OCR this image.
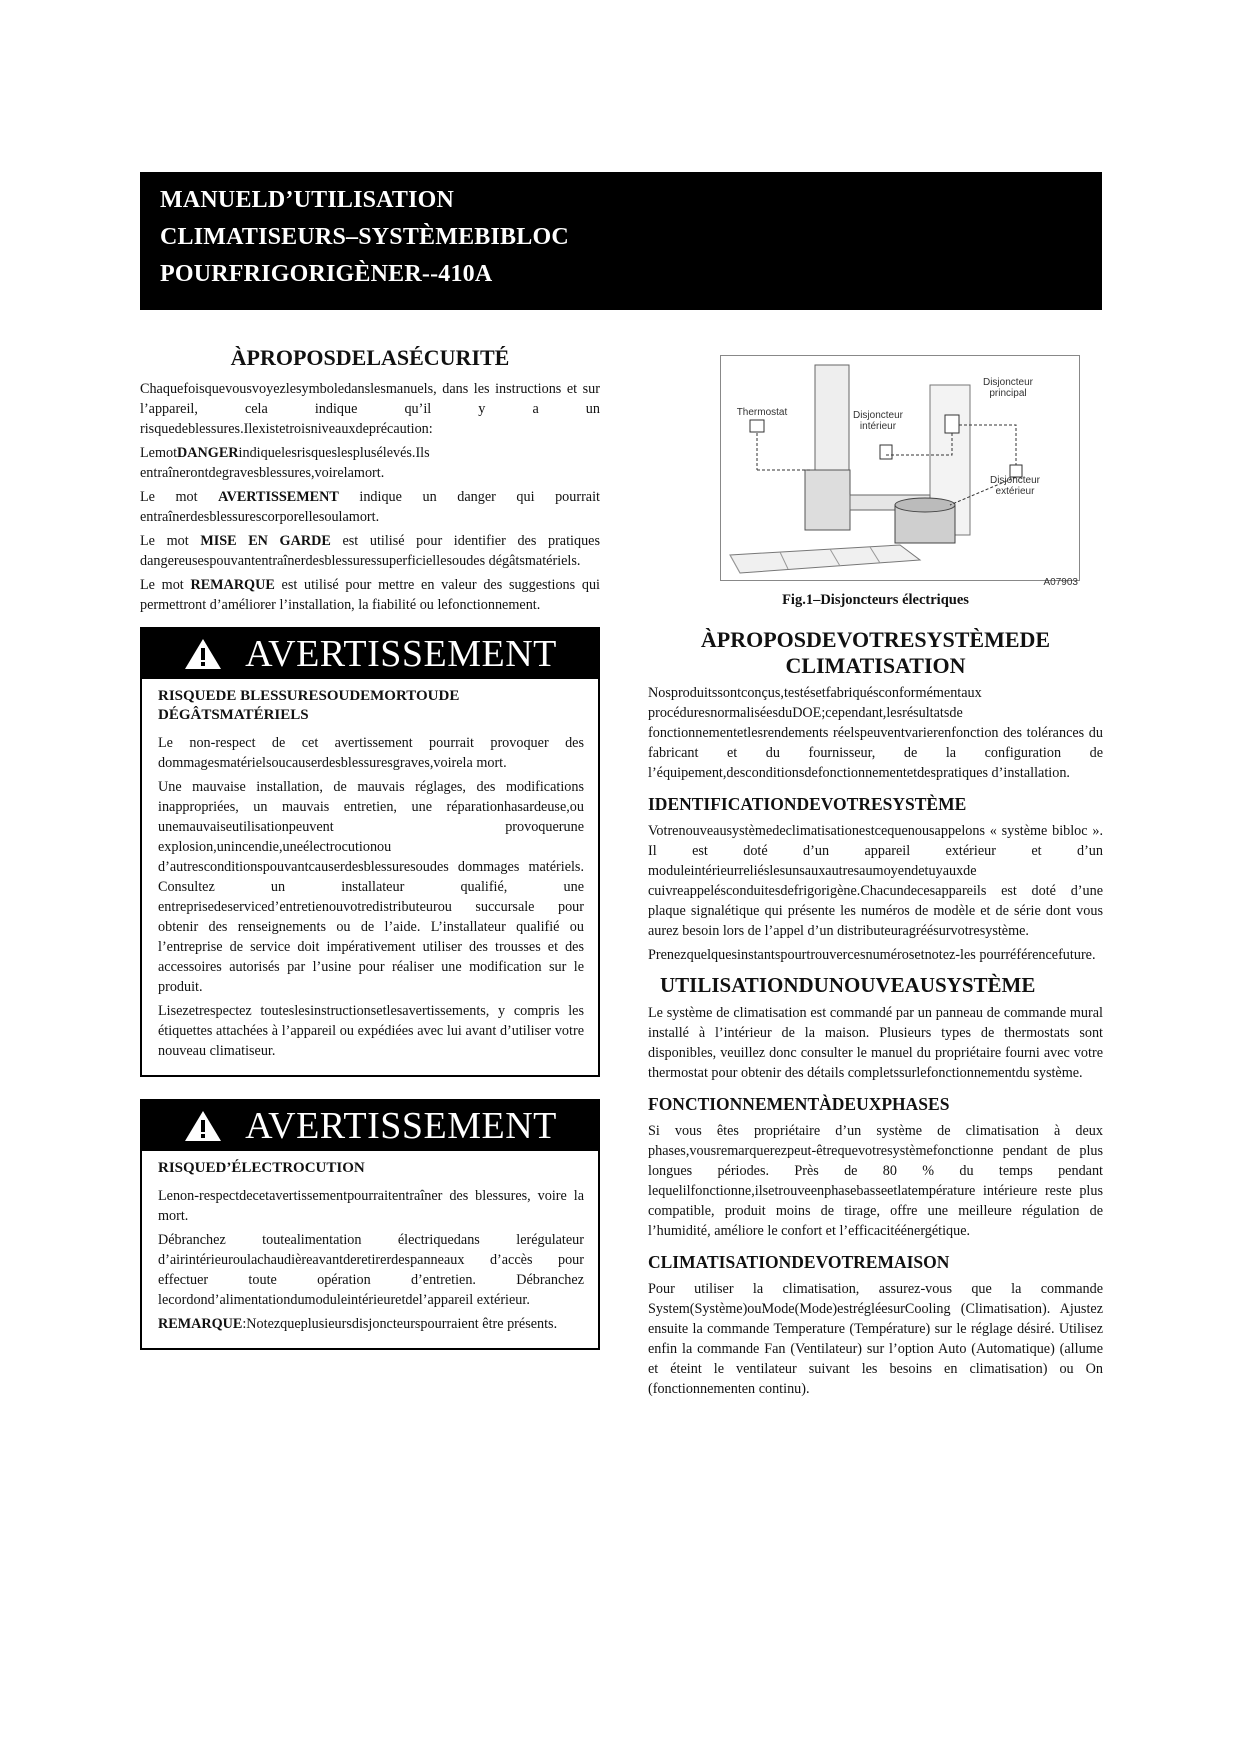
MANUELD’UTILISATION
CLIMATISEURS–SYSTÈMEBIBLOC
POURFRIGORIGÈNER--410A
ÀPROPOSDELASÉCURITÉ

Chaquefoisquevousvoyezlesymboledanslesmanuels, dans les instructions et sur l’appareil, cela indique qu’il y a un risquedeblessures.Ilexistetroisniveauxdeprécaution:

LemotDANGERindiquelesrisqueslesplusélevés.Ils entraînerontdegravesblessures,voirelamort.

Le mot AVERTISSEMENT indique un danger qui pourrait entraînerdesblessurescorporellesoulamort.

Le mot MISE EN GARDE est utilisé pour identifier des pratiques dangereusespouvantentraînerdesblessuressuperficiellesoudes dégâtsmatériels.

Le mot REMARQUE est utilisé pour mettre en valeur des suggestions qui permettront d’améliorer l’installation, la fiabilité ou lefonctionnement.

AVERTISSEMENT
RISQUEDE BLESSURESOUDEMORTOUDE DÉGÂTSMATÉRIELS

Le non-respect de cet avertissement pourrait provoquer des dommagesmatérielsoucauserdesblessuresgraves,voirela mort.

Une mauvaise installation, de mauvais réglages, des modifications inappropriées, un mauvais entretien, une réparationhasardeuse,ou unemauvaiseutilisationpeuvent provoquerune explosion,unincendie,uneélectrocutionou d’autresconditionspouvantcauserdesblessuresoudes dommages matériels. Consultez un installateur qualifié, une entreprisedeserviced’entretienouvotredistributeurou succursale pour obtenir des renseignements ou de l’aide. L’installateur qualifié ou l’entreprise de service doit impérativement utiliser des trousses et des accessoires autorisés par l’usine pour réaliser une modification sur le produit.

Lisezetrespectez touteslesinstructionsetlesavertissements, y compris les étiquettes attachées à l’appareil ou expédiées avec lui avant d’utiliser votre nouveau climatiseur.

AVERTISSEMENT
RISQUED’ÉLECTROCUTION

Lenon-respectdecetavertissementpourraitentraîner des blessures, voire la mort.

Débranchez toutealimentation électriquedans lerégulateur d’airintérieuroulachaudièreavantderetirerdespanneaux d’accès pour effectuer toute opération d’entretien. Débranchez lecordond’alimentationdumoduleintérieuretdel’appareil extérieur.

REMARQUE:Notezqueplusieursdisjoncteurspourraient être présents.

Thermostat
Disjoncteur principal
Disjoncteur intérieur
Disjoncteur extérieur
A07903
Fig.1–Disjoncteurs électriques
ÀPROPOSDEVOTRESYSTÈMEDE CLIMATISATION

Nosproduitssontconçus,testésetfabriquésconformémentaux procéduresnormaliséesduDOE;cependant,lesrésultatsde fonctionnementetlesrendements réelspeuventvarierenfonction des tolérances du fabricant et du fournisseur, de la configuration de l’équipement,desconditionsdefonctionnementetdespratiques d’installation.

IDENTIFICATIONDEVOTRESYSTÈME

Votrenouveausystèmedeclimatisationestcequenousappelons « système bibloc ». Il est doté d’un appareil extérieur et d’un moduleintérieurreliéslesunsauxautresaumoyendetuyauxde cuivreappelésconduitesdefrigorigène.Chacundecesappareils est doté d’une plaque signalétique qui présente les numéros de modèle et de série dont vous aurez besoin lors de l’appel d’un distributeuragréésurvotresystème.

Prenezquelquesinstantspourtrouvercesnumérosetnotez-les pourréférencefuture.

UTILISATIONDUNOUVEAUSYSTÈME

Le système de climatisation est commandé par un panneau de commande mural installé à l’intérieur de la maison. Plusieurs types de thermostats sont disponibles, veuillez donc consulter le manuel du propriétaire fourni avec votre thermostat pour obtenir des détails completssurlefonctionnementdu système.

FONCTIONNEMENTÀDEUXPHASES

Si vous êtes propriétaire d’un système de climatisation à deux phases,vousremarquerezpeut-êtrequevotresystèmefonctionne pendant de plus longues périodes. Près de 80 % du temps pendant lequelilfonctionne,ilsetrouveenphasebasseetlatempérature intérieure reste plus compatible, produit moins de tirage, offre une meilleure régulation de l’humidité, améliore le confort et l’efficacitéénergétique.

CLIMATISATIONDEVOTREMAISON

Pour utiliser la climatisation, assurez-vous que la commande System(Système)ouMode(Mode)estrégléesurCooling (Climatisation). Ajustez ensuite la commande Temperature (Température) sur le réglage désiré. Utilisez enfin la commande Fan (Ventilateur) sur l’option Auto (Automatique) (allume et éteint le ventilateur suivant les besoins en climatisation) ou On (fonctionnementen continu).
